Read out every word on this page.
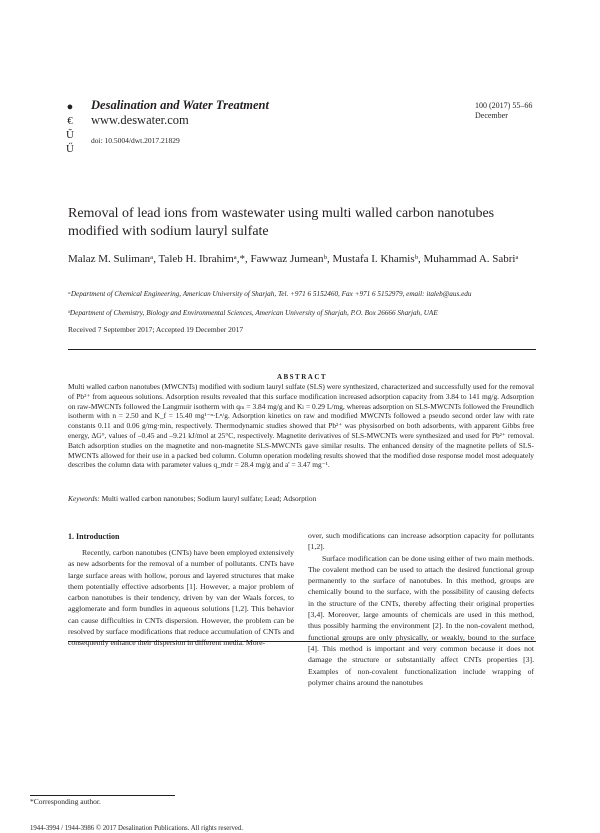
●
€
Ŭ
Ű
Desalination and Water Treatment
www.deswater.com
doi: 10.5004/dwt.2017.21829
100 (2017) 55–66
December
Removal of lead ions from wastewater using multi walled carbon nanotubes modified with sodium lauryl sulfate
Malaz M. Sulimanᵃ, Taleb H. Ibrahimᵃ,*, Fawwaz Jumeanᵇ, Mustafa I. Khamisᵇ, Muhammad A. Sabriᵃ
ᵃDepartment of Chemical Engineering, American University of Sharjah, Tel. +971 6 5152460, Fax +971 6 5152979, email: italeb@aus.edu
ᵇDepartment of Chemistry, Biology and Environmental Sciences, American University of Sharjah, P.O. Box 26666 Sharjah, UAE
Received 7 September 2017; Accepted 19 December 2017
ABSTRACT
Multi walled carbon nanotubes (MWCNTs) modified with sodium lauryl sulfate (SLS) were synthesized, characterized and successfully used for the removal of Pb²⁺ from aqueous solutions. Adsorption results revealed that this surface modification increased adsorption capacity from 3.84 to 141 mg/g. Adsorption on raw-MWCNTs followed the Langmuir isotherm with qₘ = 3.84 mg/g and Kₗ = 0.29 L/mg, whereas adsorption on SLS-MWCNTs followed the Freundlich isotherm with n = 2.50 and K_f = 15.40 mg¹⁻ⁿ·Lⁿ/g. Adsorption kinetics on raw and modified MWCNTs followed a pseudo second order law with rate constants 0.11 and 0.06 g/mg·min, respectively. Thermodynamic studies showed that Pb²⁺ was physisorbed on both adsorbents, with apparent Gibbs free energy, ΔG°, values of –0.45 and –9.21 kJ/mol at 25°C, respectively. Magnetite derivatives of SLS-MWCNTs were synthesized and used for Pb²⁺ removal. Batch adsorption studies on the magnetite and non-magnetite SLS-MWCNTs gave similar results. The enhanced density of the magnetite pellets of SLS-MWCNTs allowed for their use in a packed bed column. Column operation modeling results showed that the modified dose response model most adequately describes the column data with parameter values q_mdr = 28.4 mg/g and a' = 3.47 mg⁻¹.
Keywords: Multi walled carbon nanotubes; Sodium lauryl sulfate; Lead; Adsorption
1. Introduction

Recently, carbon nanotubes (CNTs) have been employed extensively as new adsorbents for the removal of a number of pollutants. CNTs have large surface areas with hollow, porous and layered structures that make them potentially effective adsorbents [1]. However, a major problem of carbon nanotubes is their tendency, driven by van der Waals forces, to agglomerate and form bundles in aqueous solutions [1,2]. This behavior can cause difficulties in CNTs dispersion. However, the problem can be resolved by surface modifications that reduce accumulation of CNTs and consequently enhance their dispersion in different media. More-

over, such modifications can increase adsorption capacity for pollutants [1,2].

Surface modification can be done using either of two main methods. The covalent method can be used to attach the desired functional group permanently to the surface of nanotubes. In this method, groups are chemically bound to the surface, with the possibility of causing defects in the structure of the CNTs, thereby affecting their original properties [3,4]. Moreover, large amounts of chemicals are used in this method, thus possibly harming the environment [2]. In the non-covalent method, functional groups are only physically, or weakly, bound to the surface [4]. This method is important and very common because it does not damage the structure or substantially affect CNTs properties [3]. Examples of non-covalent functionalization include wrapping of polymer chains around the nanotubes

*Corresponding author.
1944-3994 / 1944-3986 © 2017 Desalination Publications. All rights reserved.
